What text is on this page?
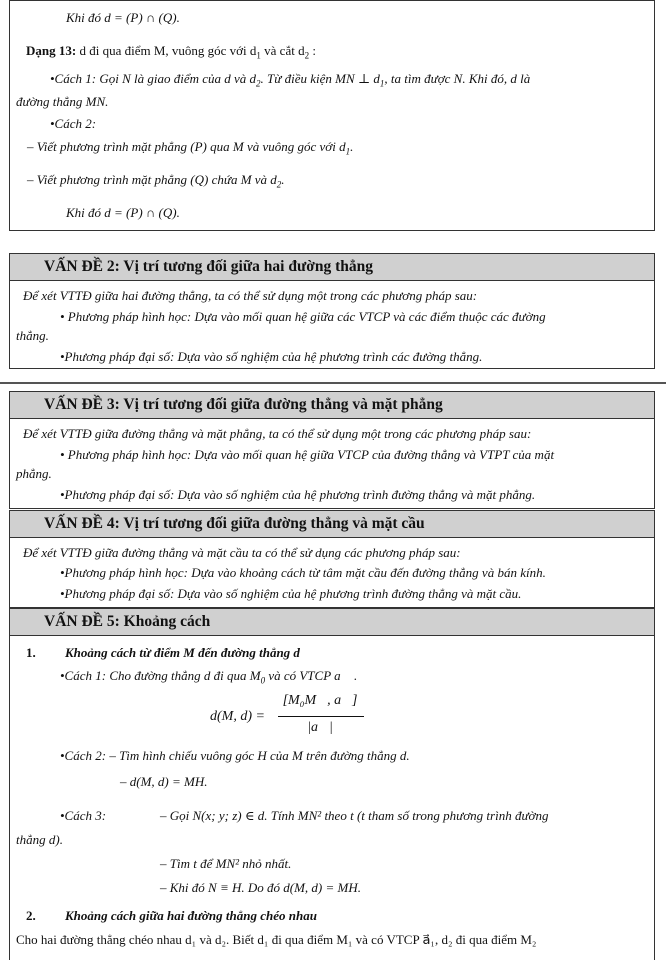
Khi đó d = (P) ∩ (Q).
Dạng 13: d đi qua điểm M, vuông góc với $d_1$ và cắt $d_2$ :
•Cách 1: Gọi N là giao điểm của d và $d_2$. Từ điều kiện MN ⊥ $d_1$, ta tìm được N. Khi đó, d là
đường thẳng MN.
•Cách 2:
– Viết phương trình mặt phẳng (P) qua M và vuông góc với $d_1$.
– Viết phương trình mặt phẳng (Q) chứa M và $d_2$.
Khi đó d = (P) ∩ (Q).
VẤN ĐỀ 2: Vị trí tương đối giữa hai đường thẳng
Để xét VTTĐ giữa hai đường thẳng, ta có thể sử dụng một trong các phương pháp sau:
• Phương pháp hình học: Dựa vào mối quan hệ giữa các VTCP và các điểm thuộc các đường
thẳng.
•Phương pháp đại số: Dựa vào số nghiệm của hệ phương trình các đường thẳng.
VẤN ĐỀ 3: Vị trí tương đối giữa đường thẳng và mặt phẳng
Để xét VTTĐ giữa đường thẳng và mặt phẳng, ta có thể sử dụng một trong các phương pháp sau:
• Phương pháp hình học: Dựa vào mối quan hệ giữa VTCP của đường thẳng và VTPT của mặt
phẳng.
•Phương pháp đại số: Dựa vào số nghiệm của hệ phương trình đường thẳng và mặt phẳng.
VẤN ĐỀ 4: Vị trí tương đối giữa đường thẳng và mặt cầu
Để xét VTTĐ giữa đường thẳng và mặt cầu ta có thể sử dụng các phương pháp sau:
•Phương pháp hình học: Dựa vào khoảng cách từ tâm mặt cầu đến đường thẳng và bán kính.
•Phương pháp đại số: Dựa vào số nghiệm của hệ phương trình đường thẳng và mặt cầu.
VẤN ĐỀ 5: Khoảng cách
1. Khoảng cách từ điểm M đến đường thẳng d
•Cách 1: Cho đường thẳng d đi qua $M_0$ và có VTCP a⃗ .
d(M, d) =
[M₀M⃗, a⃗]
|a⃗|
•Cách 2: – Tìm hình chiếu vuông góc H của M trên đường thẳng d.
– d(M, d) = MH.
•Cách 3:	– Gọi N(x; y; z) ∈ d. Tính MN² theo t (t tham số trong phương trình đường
thẳng d).
– Tìm t để MN² nhỏ nhất.
– Khi đó N ≡ H. Do đó d(M, d) = MH.
2. Khoảng cách giữa hai đường thẳng chéo nhau
Cho hai đường thẳng chéo nhau d₁ và d₂. Biết d₁ đi qua điểm M₁ và có VTCP a⃗₁, d₂ đi qua điểm M₂
